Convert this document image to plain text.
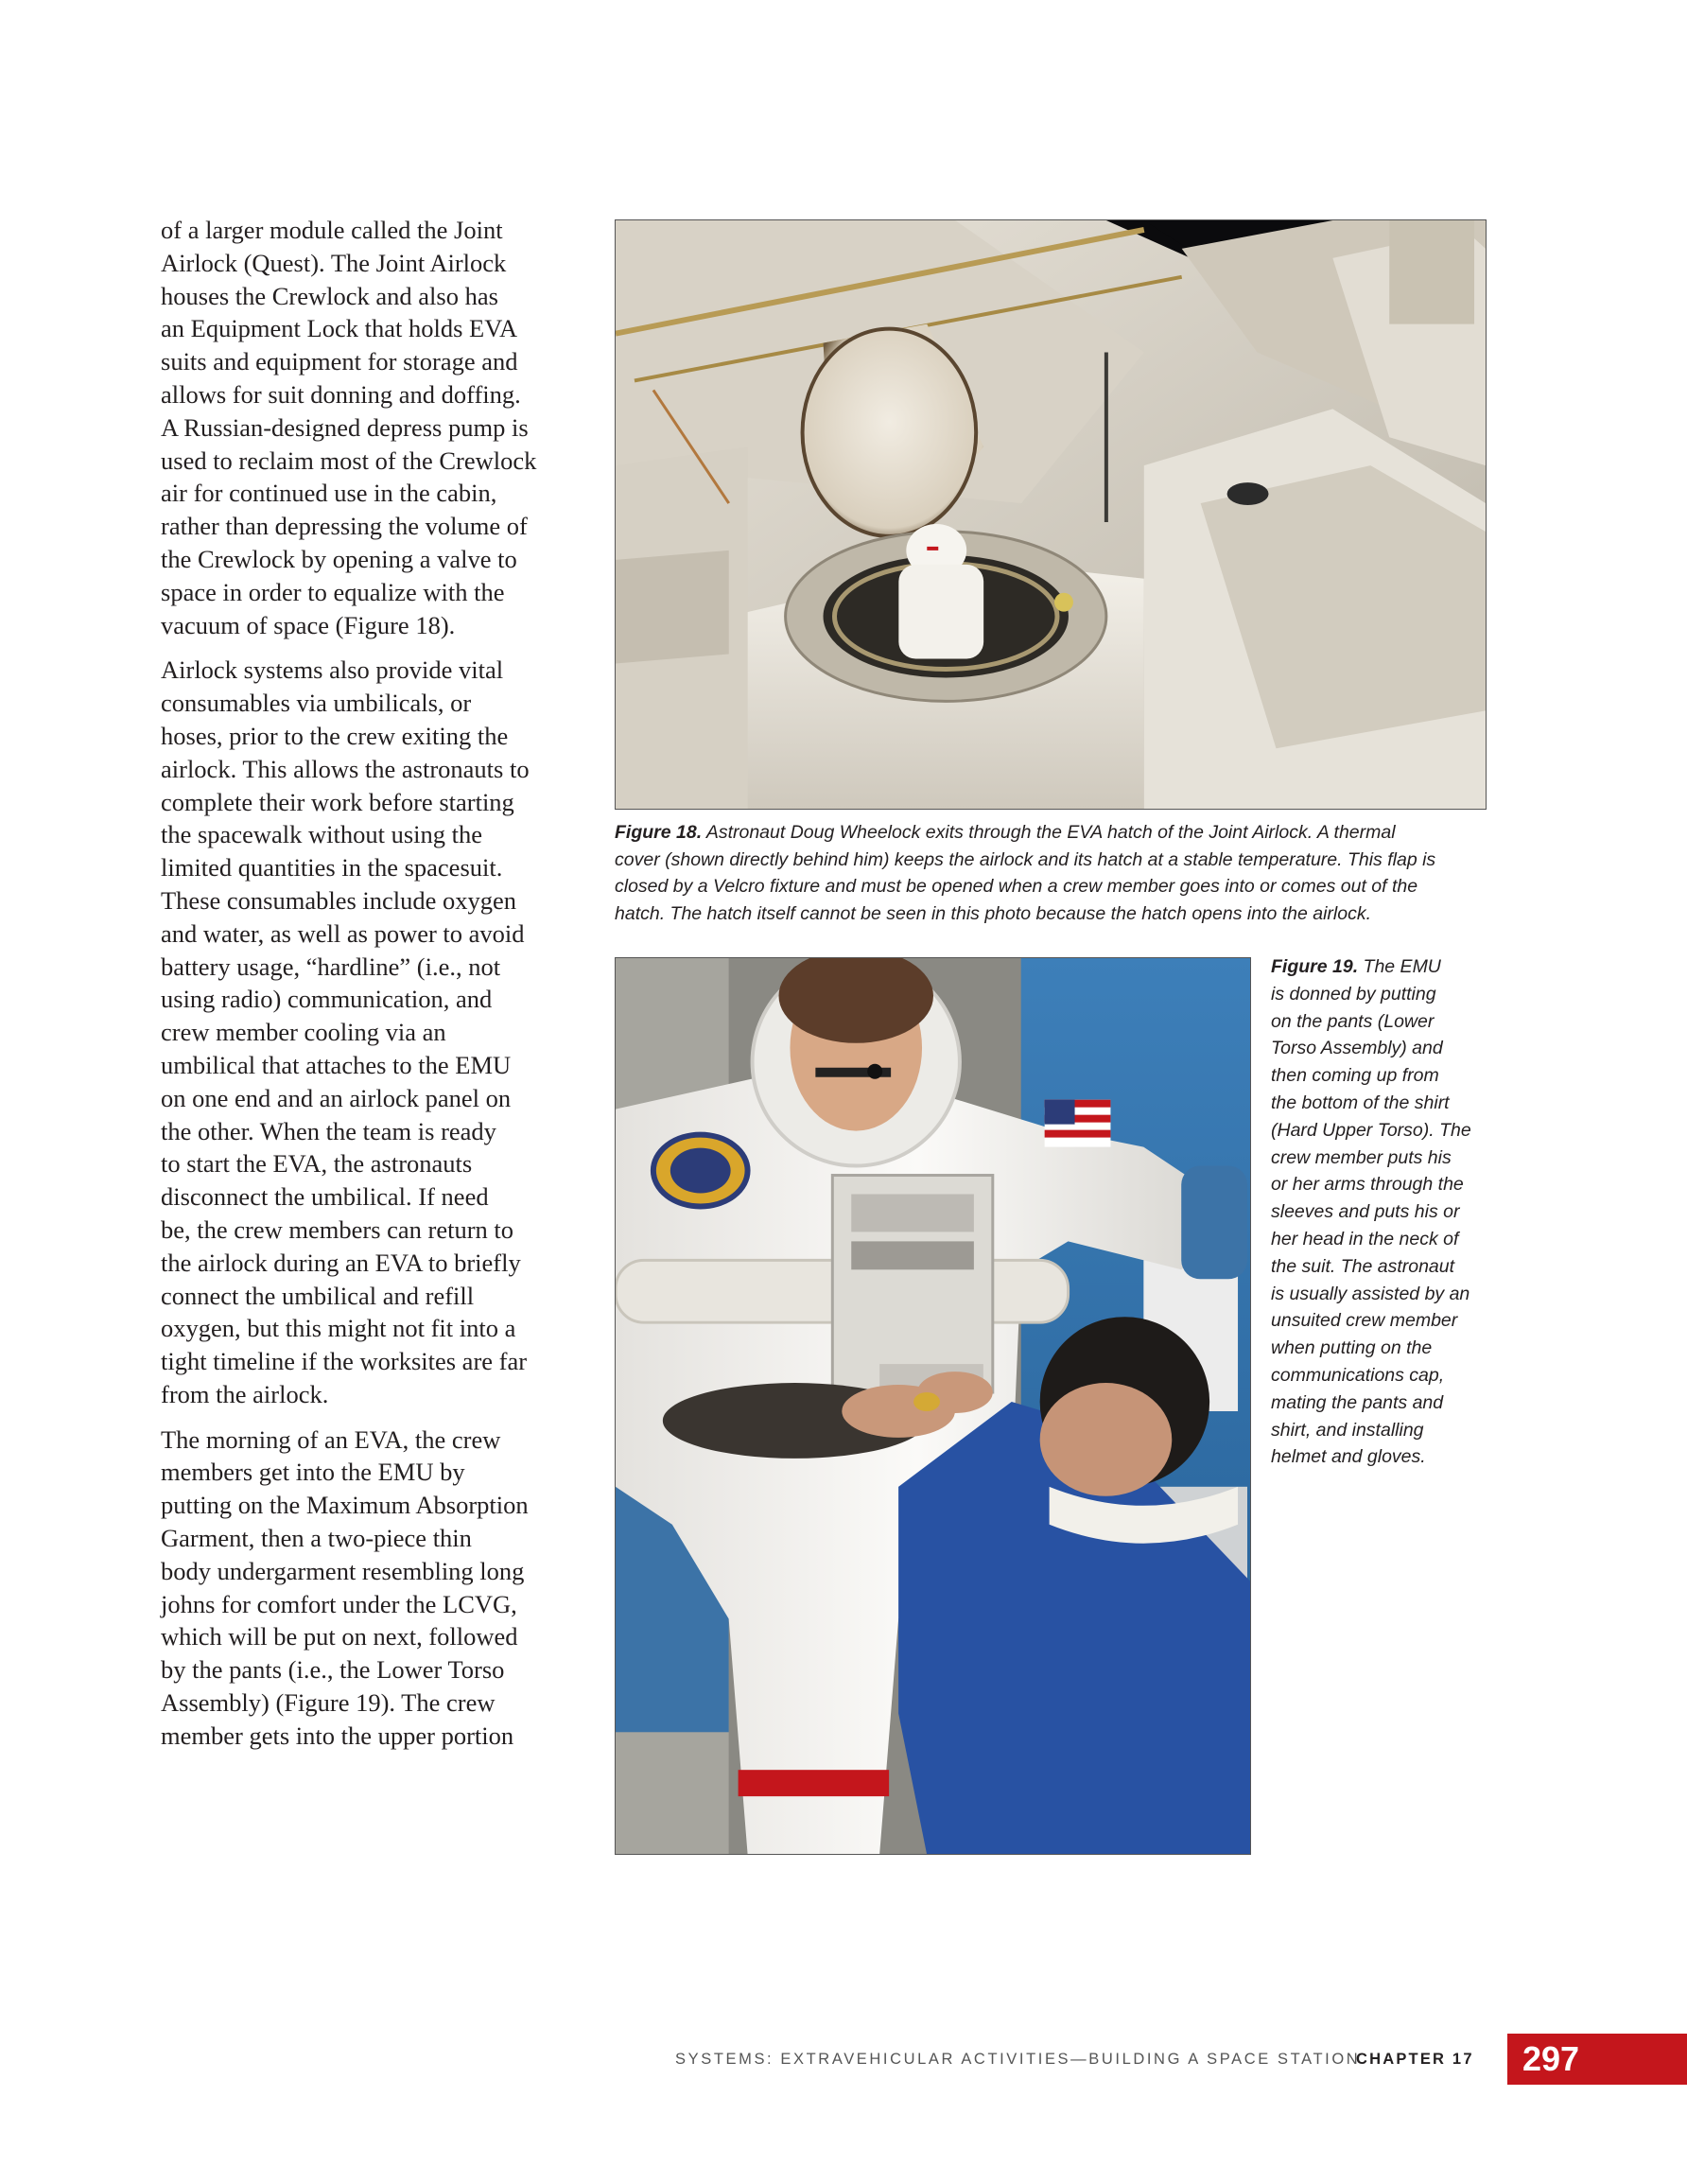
of a larger module called the Joint
Airlock (Quest). The Joint Airlock
houses the Crewlock and also has
an Equipment Lock that holds EVA
suits and equipment for storage and
allows for suit donning and doffing.
A Russian-designed depress pump is
used to reclaim most of the Crewlock
air for continued use in the cabin,
rather than depressing the volume of
the Crewlock by opening a valve to
space in order to equalize with the
vacuum of space (Figure 18).

Airlock systems also provide vital
consumables via umbilicals, or
hoses, prior to the crew exiting the
airlock. This allows the astronauts to
complete their work before starting
the spacewalk without using the
limited quantities in the spacesuit.
These consumables include oxygen
and water, as well as power to avoid
battery usage, “hardline” (i.e., not
using radio) communication, and
crew member cooling via an
umbilical that attaches to the EMU
on one end and an airlock panel on
the other. When the team is ready
to start the EVA, the astronauts
disconnect the umbilical. If need
be, the crew members can return to
the airlock during an EVA to briefly
connect the umbilical and refill
oxygen, but this might not fit into a
tight timeline if the worksites are far
from the airlock.

The morning of an EVA, the crew
members get into the EMU by
putting on the Maximum Absorption
Garment, then a two-piece thin
body undergarment resembling long
johns for comfort under the LCVG,
which will be put on next, followed
by the pants (i.e., the Lower Torso
Assembly) (Figure 19). The crew
member gets into the upper portion

Figure 18. Astronaut Doug Wheelock exits through the EVA hatch of the Joint Airlock. A thermal
cover (shown directly behind him) keeps the airlock and its hatch at a stable temperature. This flap is
closed by a Velcro fixture and must be opened when a crew member goes into or comes out of the
hatch. The hatch itself cannot be seen in this photo because the hatch opens into the airlock.
Figure 19. The EMU
is donned by putting
on the pants (Lower
Torso Assembly) and
then coming up from
the bottom of the shirt
(Hard Upper Torso). The
crew member puts his
or her arms through the
sleeves and puts his or
her head in the neck of
the suit. The astronaut
is usually assisted by an
unsuited crew member
when putting on the
communications cap,
mating the pants and
shirt, and installing
helmet and gloves.
SYSTEMS: EXTRAVEHICULAR ACTIVITIES—BUILDING A SPACE STATION
CHAPTER 17 297
